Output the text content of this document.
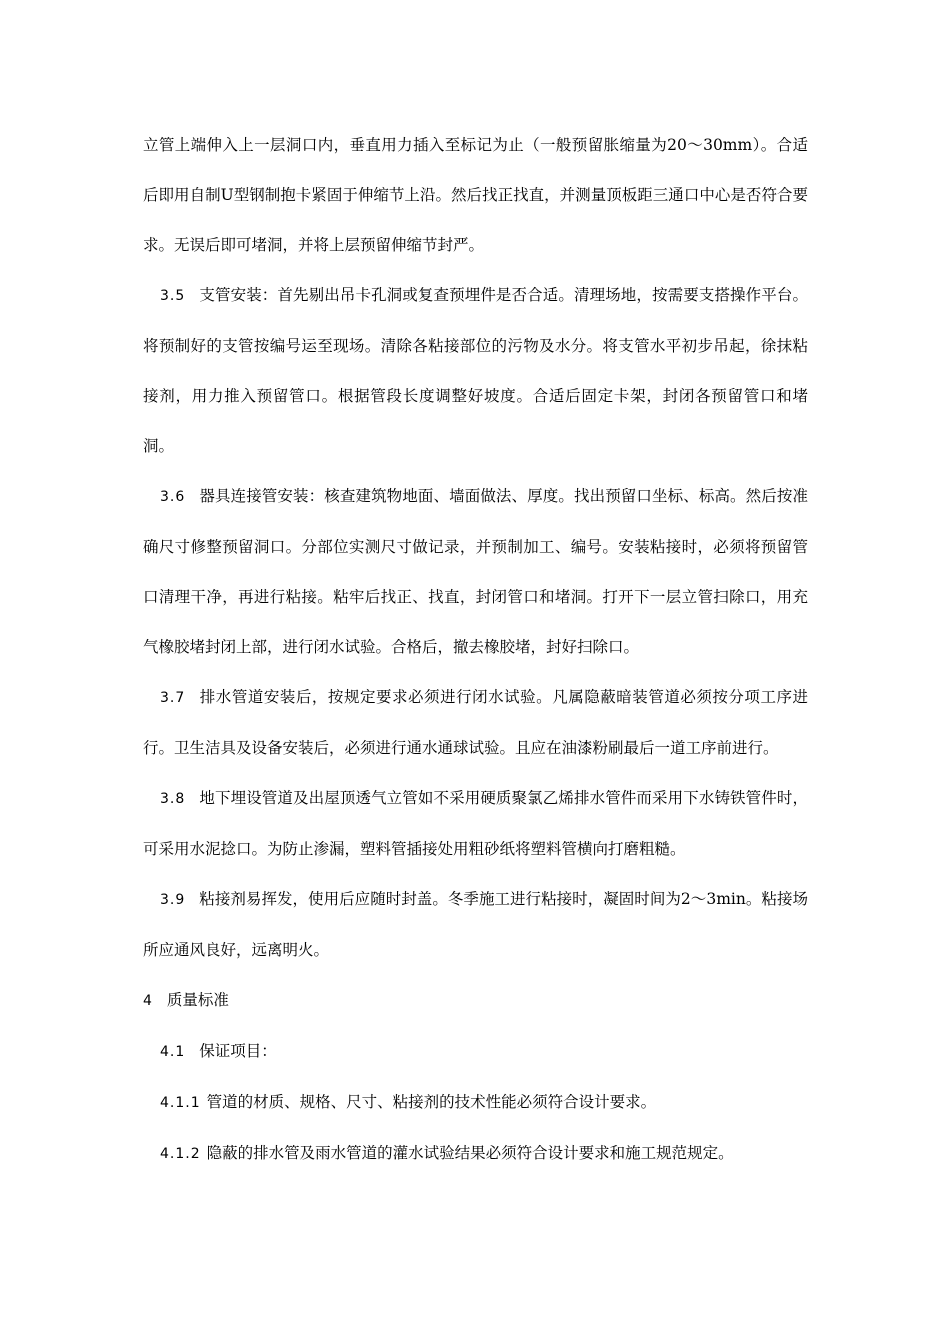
立管上端伸入上一层洞口内，垂直用力插入至标记为止（一般预留胀缩量为20～30mm）。合适后即用自制U型钢制抱卡紧固于伸缩节上沿。然后找正找直，并测量顶板距三通口中心是否符合要求。无误后即可堵洞，并将上层预留伸缩节封严。

3.5 支管安装：首先剔出吊卡孔洞或复查预埋件是否合适。清理场地，按需要支搭操作平台。将预制好的支管按编号运至现场。清除各粘接部位的污物及水分。将支管水平初步吊起，徐抹粘接剂，用力推入预留管口。根据管段长度调整好坡度。合适后固定卡架，封闭各预留管口和堵洞。

3.6 器具连接管安装：核查建筑物地面、墙面做法、厚度。找出预留口坐标、标高。然后按准确尺寸修整预留洞口。分部位实测尺寸做记录，并预制加工、编号。安装粘接时，必须将预留管口清理干净，再进行粘接。粘牢后找正、找直，封闭管口和堵洞。打开下一层立管扫除口，用充气橡胶堵封闭上部，进行闭水试验。合格后，撤去橡胶堵，封好扫除口。

3.7 排水管道安装后，按规定要求必须进行闭水试验。凡属隐蔽暗装管道必须按分项工序进行。卫生洁具及设备安装后，必须进行通水通球试验。且应在油漆粉刷最后一道工序前进行。

3.8 地下埋设管道及出屋顶透气立管如不采用硬质聚氯乙烯排水管件而采用下水铸铁管件时，可采用水泥捻口。为防止渗漏，塑料管插接处用粗砂纸将塑料管横向打磨粗糙。

3.9 粘接剂易挥发，使用后应随时封盖。冬季施工进行粘接时，凝固时间为2～3min。粘接场所应通风良好，远离明火。

4 质量标准

4.1 保证项目：

4.1.1 管道的材质、规格、尺寸、粘接剂的技术性能必须符合设计要求。

4.1.2 隐蔽的排水管及雨水管道的灌水试验结果必须符合设计要求和施工规范规定。
